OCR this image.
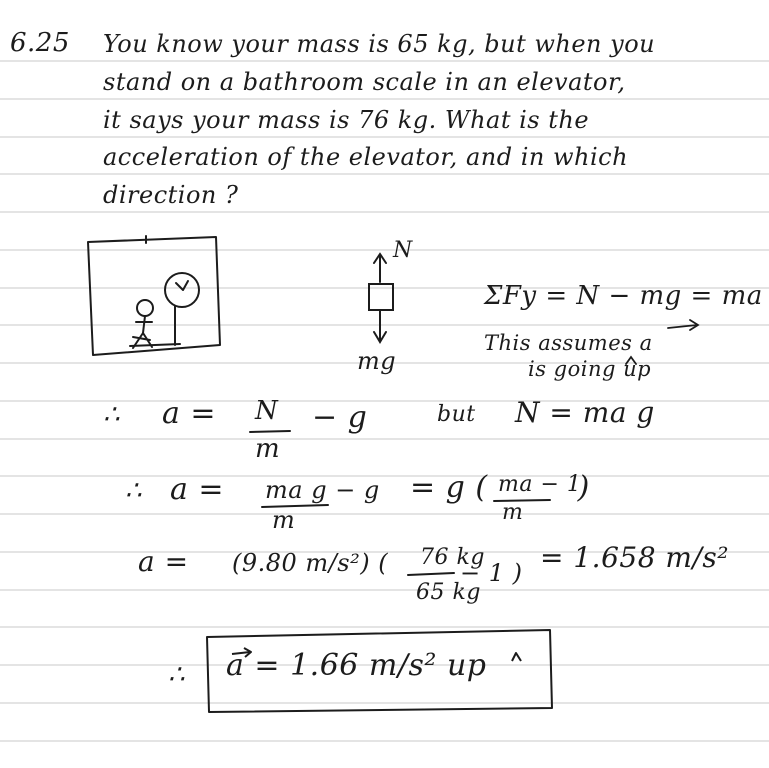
6.25 You know your mass is 65 kg, but when you
stand on a bathroom scale in an elevator,
it says your mass is 76 kg. What is the
acceleration of the elevator, and in which
direction ?
N
mg
ΣFy = N − mg = ma
This assumes a
is going up
∴ a = N
m
− g	but N = ma g
∴ a = ma g − g
m
= g (	)
ma − 1
m
a = (9.80 m/s²) ( 76 kg
65 kg
− 1 ) = 1.658 m/s²
∴ a = 1.66 m/s² up
